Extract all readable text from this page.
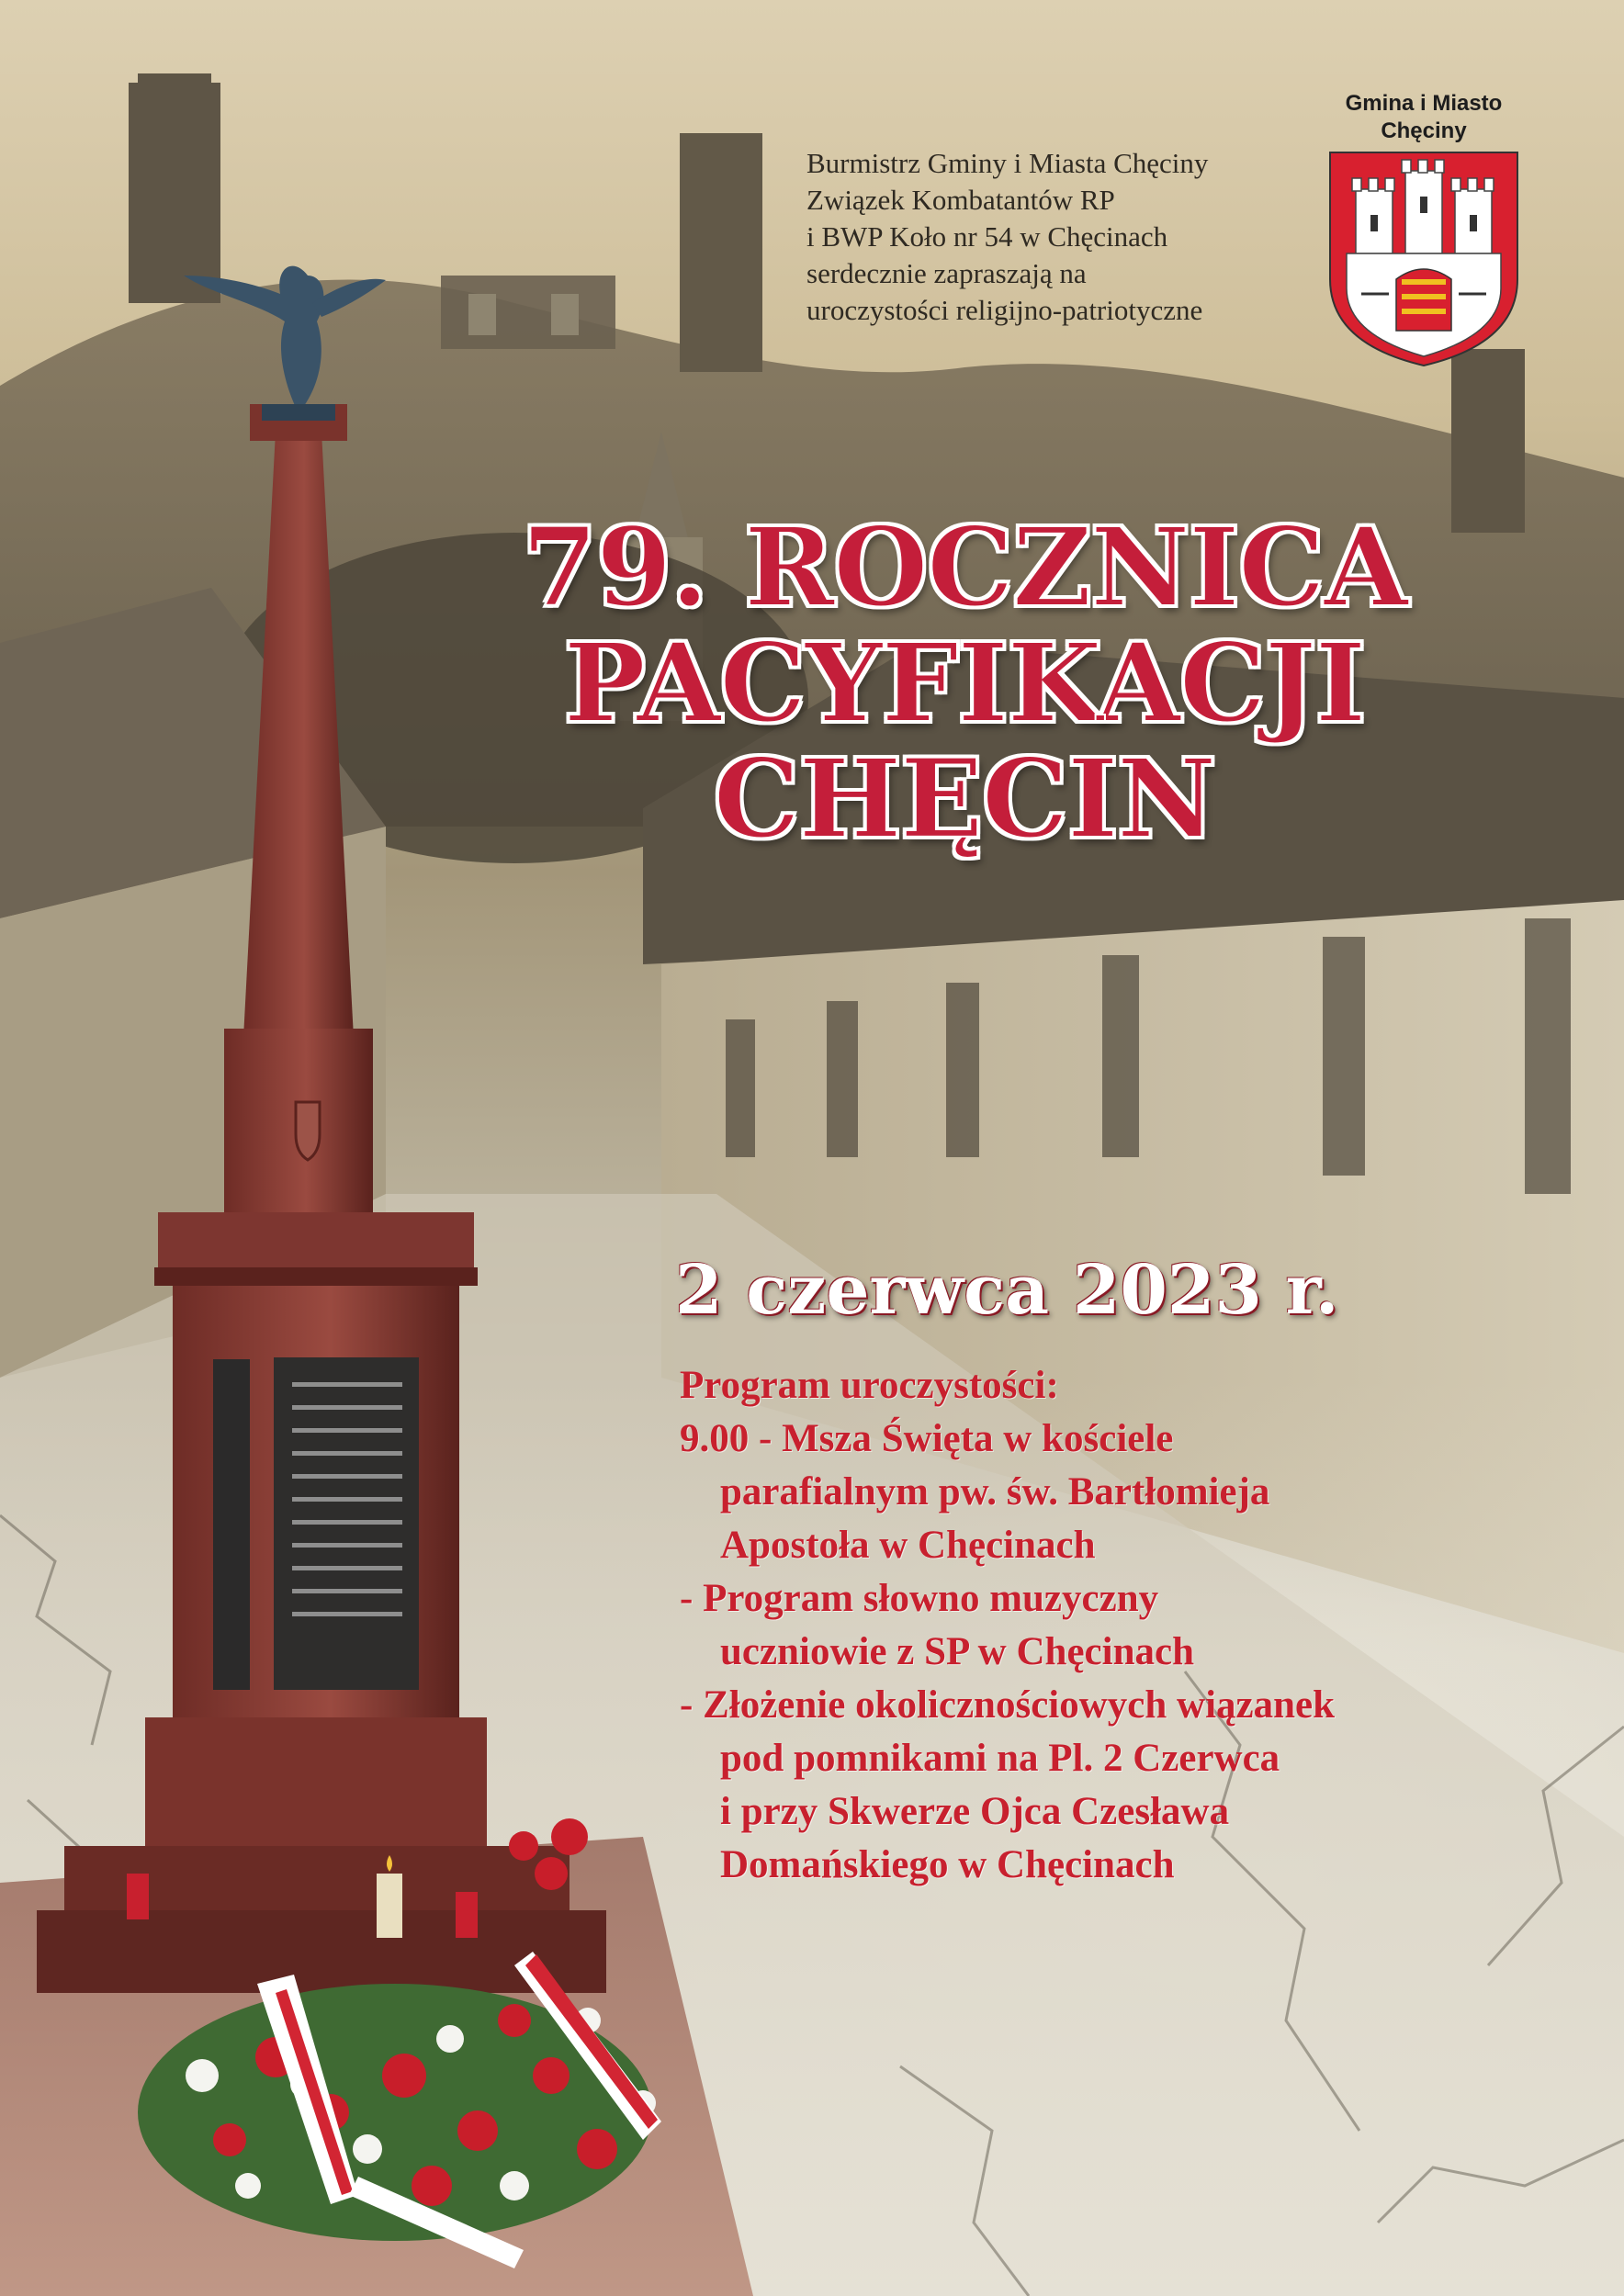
Burmistrz Gminy i Miasta Chęciny
Związek Kombatantów RP
i BWP Koło nr 54 w Chęcinach
serdecznie zapraszają na
uroczystości religijno-patriotyczne
Gmina i Miasto
Chęciny
79. ROCZNICA
PACYFIKACJI
CHĘCIN
2 czerwca 2023 r.
Program uroczystości:
9.00 - Msza Święta w kościele
parafialnym pw. św. Bartłomieja
Apostoła w Chęcinach
- Program słowno muzyczny
uczniowie z SP w Chęcinach
- Złożenie okolicznościowych wiązanek
pod pomnikami na Pl. 2 Czerwca
i przy Skwerze Ojca Czesława
Domańskiego w Chęcinach
